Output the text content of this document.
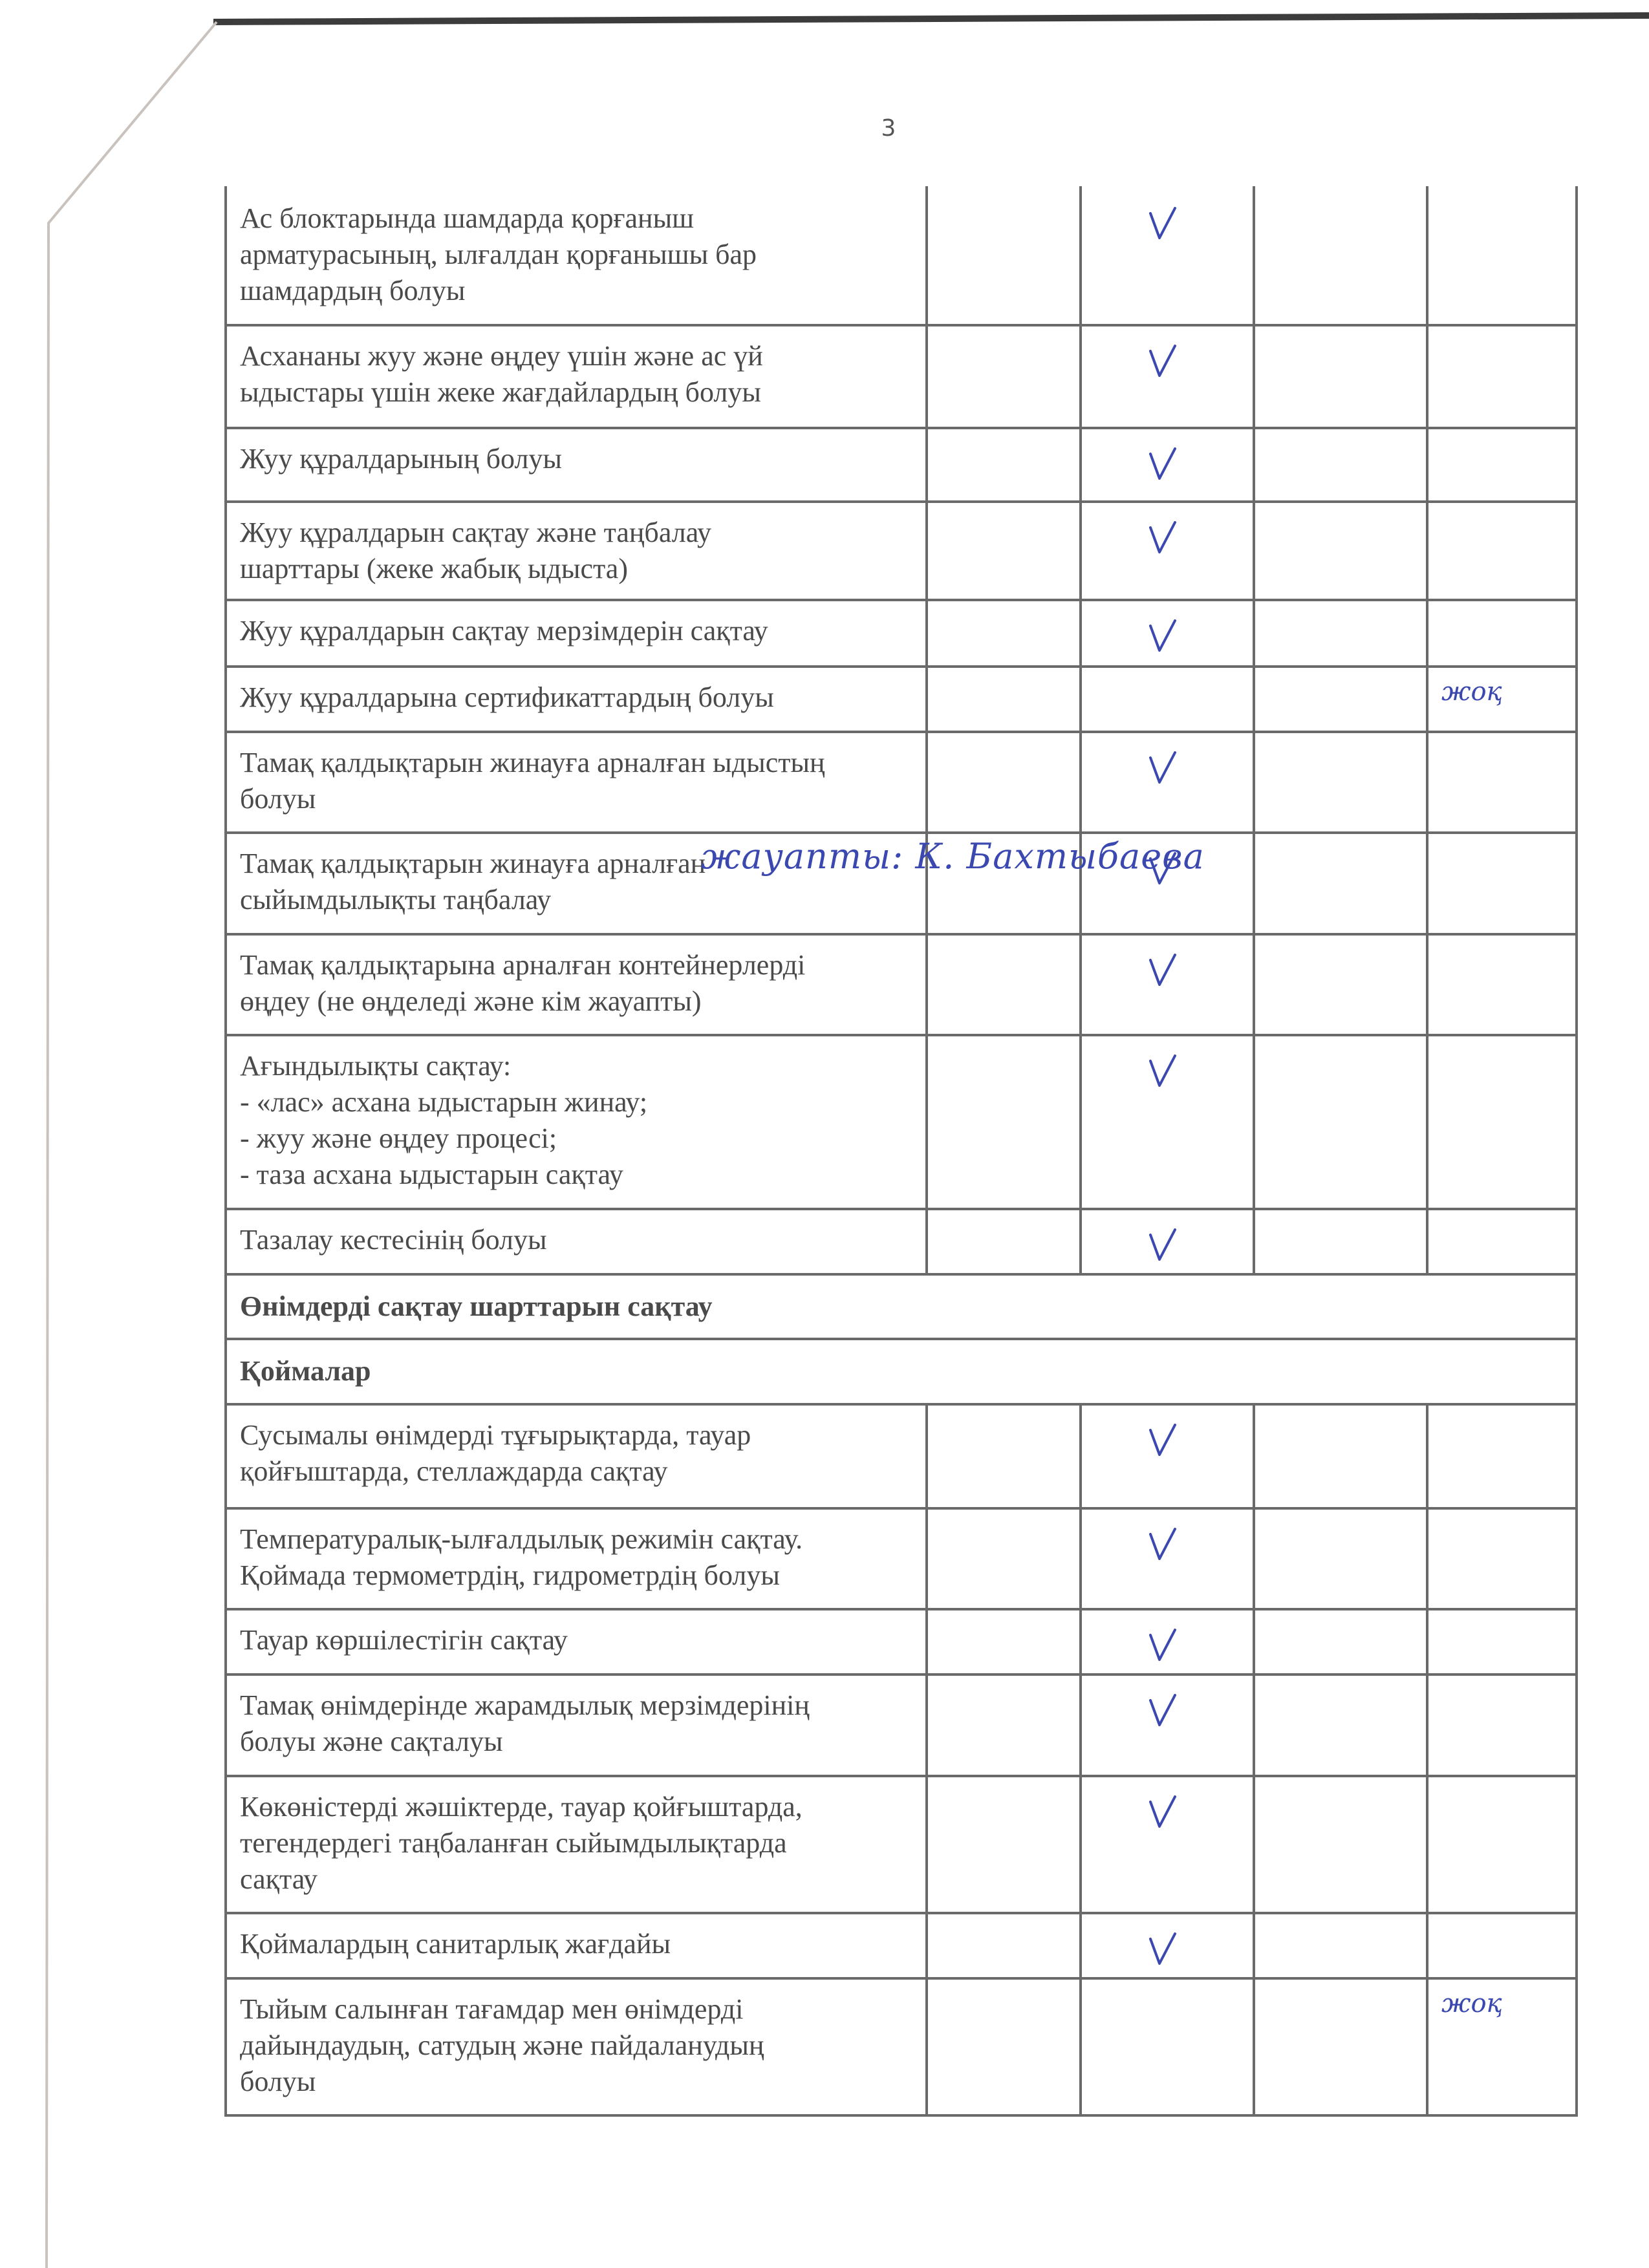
3
Ас блоктарында шамдарда қорғаныш
арматурасының, ылғалдан қорғанышы бар
шамдардың болуы
Асхананы жуу және өңдеу үшін және ас үй
ыдыстары үшін жеке жағдайлардың болуы
Жуу құралдарының болуы
Жуу құралдарын сақтау және таңбалау
шарттары (жеке жабық ыдыста)
Жуу құралдарын сақтау мерзімдерін сақтау
Жуу құралдарына сертификаттардың болуы	жоқ
Тамақ қалдықтарын жинауға арналған ыдыстың
болуы
Тамақ қалдықтарын жинауға арналған
сыйымдылықты таңбалау
Тамақ қалдықтарына арналған контейнерлерді
өңдеу (не өңделеді және кім жауапты)
Ағындылықты сақтау:
- «лас» асхана ыдыстарын жинау;
- жуу және өңдеу процесі;
- таза асхана ыдыстарын сақтау
Тазалау кестесінің болуы
Өнімдерді сақтау шарттарын сақтау
Қоймалар
Сусымалы өнімдерді тұғырықтарда, тауар
қойғыштарда, стеллаждарда сақтау
Температуралық-ылғалдылық режимін сақтау.
Қоймада термометрдің, гидрометрдің болуы
Тауар көршілестігін сақтау
Тамақ өнімдерінде жарамдылық мерзімдерінің
болуы және сақталуы
Көкөністерді жәшіктерде, тауар қойғыштарда,
тегендердегі таңбаланған сыйымдылықтарда
сақтау
Қоймалардың санитарлық жағдайы
Тыйым салынған тағамдар мен өнімдерді
дайындаудың, сатудың және пайдаланудың
болуы
жоқ
жауапты: К. Бахтыбаева
